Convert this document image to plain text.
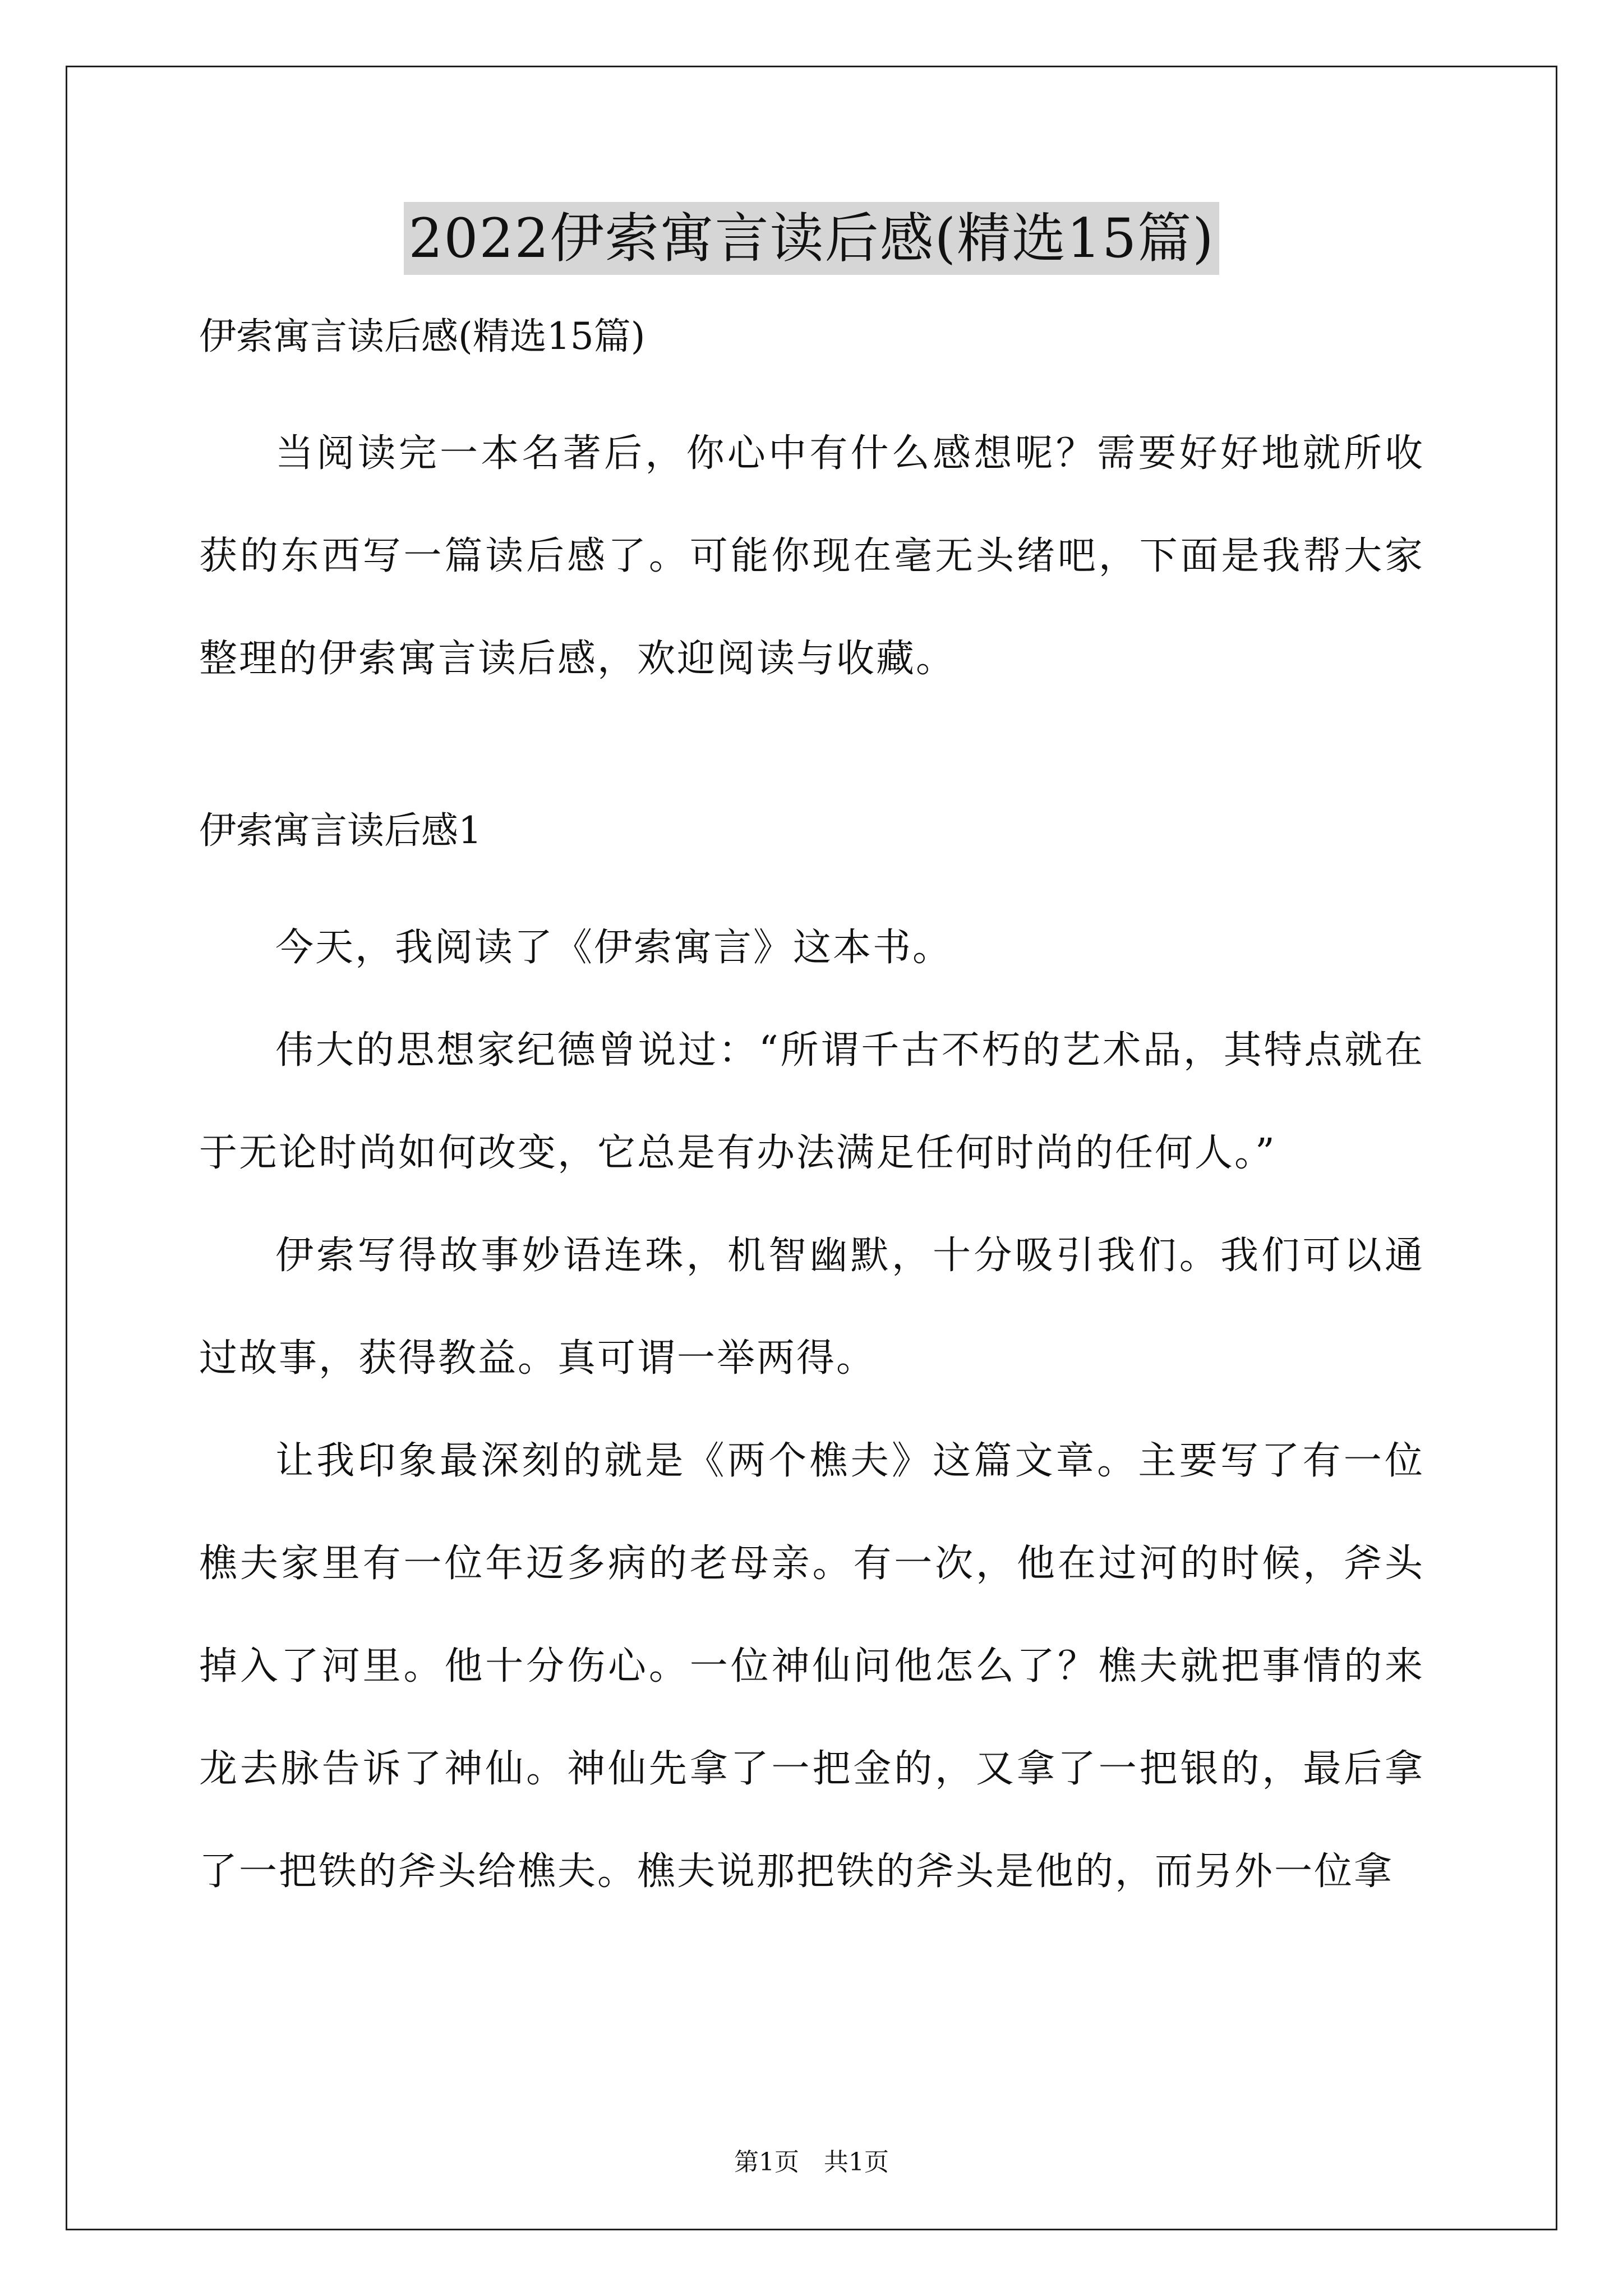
2022伊索寓言读后感(精选15篇)

伊索寓言读后感(精选15篇)

当阅读完一本名著后，你心中有什么感想呢？需要好好地就所收获的东西写一篇读后感了。可能你现在毫无头绪吧，下面是我帮大家整理的伊索寓言读后感，欢迎阅读与收藏。

伊索寓言读后感1

今天，我阅读了《伊索寓言》这本书。

伟大的思想家纪德曾说过：“所谓千古不朽的艺术品，其特点就在于无论时尚如何改变，它总是有办法满足任何时尚的任何人。”

伊索写得故事妙语连珠，机智幽默，十分吸引我们。我们可以通过故事，获得教益。真可谓一举两得。

让我印象最深刻的就是《两个樵夫》这篇文章。主要写了有一位樵夫家里有一位年迈多病的老母亲。有一次，他在过河的时候，斧头掉入了河里。他十分伤心。一位神仙问他怎么了？樵夫就把事情的来龙去脉告诉了神仙。神仙先拿了一把金的，又拿了一把银的，最后拿了一把铁的斧头给樵夫。樵夫说那把铁的斧头是他的，而另外一位拿

第1页　共1页
